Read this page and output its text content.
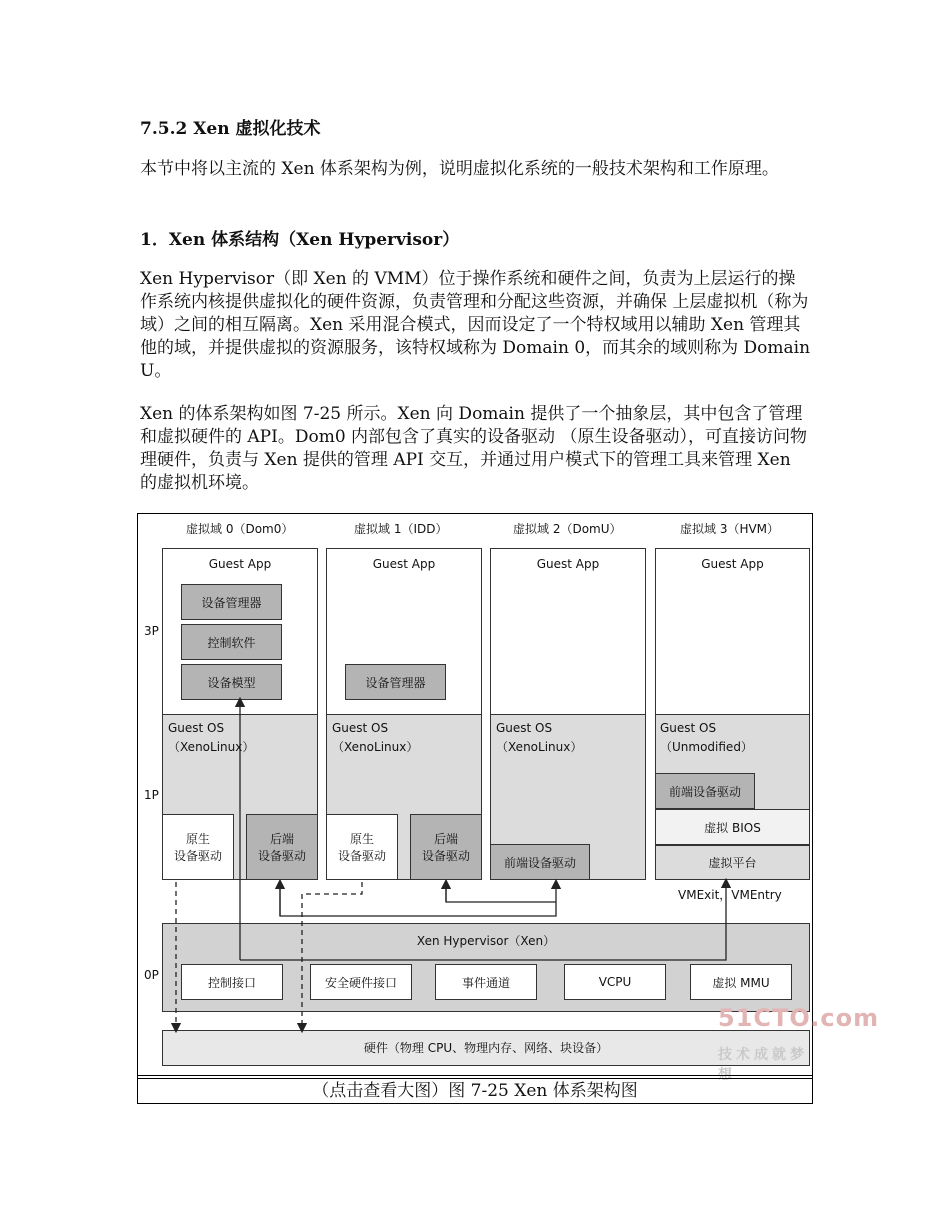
7.5.2 Xen 虚拟化技术
本节中将以主流的 Xen 体系架构为例，说明虚拟化系统的一般技术架构和工作原理。
1．Xen 体系结构（Xen Hypervisor）
Xen Hypervisor（即 Xen 的 VMM）位于操作系统和硬件之间，负责为上层运行的操作系统内核提供虚拟化的硬件资源，负责管理和分配这些资源，并确保 上层虚拟机（称为域）之间的相互隔离。Xen 采用混合模式，因而设定了一个特权域用以辅助 Xen 管理其他的域，并提供虚拟的资源服务，该特权域称为 Domain 0，而其余的域则称为 Domain U。
Xen 的体系架构如图 7-25 所示。Xen 向 Domain 提供了一个抽象层，其中包含了管理和虚拟硬件的 API。Dom0 内部包含了真实的设备驱动 （原生设备驱动），可直接访问物理硬件，负责与 Xen 提供的管理 API 交互，并通过用户模式下的管理工具来管理 Xen 的虚拟机环境。
3P
1P
0P
虚拟域 0（Dom0）	虚拟域 1（IDD）	虚拟域 2（DomU）	虚拟域 3（HVM）
Guest App
设备管理器
控制软件
设备模型
Guest OS
（XenoLinux）
原生
设备驱动
后端
设备驱动
Guest App
设备管理器
Guest OS
（XenoLinux）
原生
设备驱动
后端
设备驱动
Guest App
Guest OS
（XenoLinux）
前端设备驱动
Guest App
Guest OS
（Unmodified）
前端设备驱动
虚拟 BIOS
虚拟平台
VMExit，VMEntry
Xen Hypervisor（Xen）
控制接口	安全硬件接口	事件通道	VCPU	虚拟 MMU
硬件（物理 CPU、物理内存、网络、块设备）
51CTO.com
技术成就梦想
（点击查看大图）图 7-25 Xen 体系架构图
